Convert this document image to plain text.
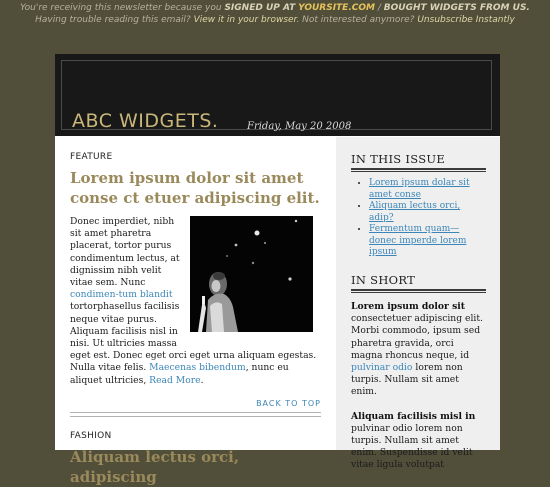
You're receiving this newsletter because you SIGNED UP AT YOURSITE.COM / BOUGHT WIDGETS FROM US.
Having trouble reading this email? View it in your browser. Not interested anymore? Unsubscribe Instantly
ABC WIDGETS.	Friday, May 20 2008
FEATURE
Lorem ipsum dolor sit amet conse ct etuer adipiscing elit.
Donec imperdiet, nibh sit amet pharetra placerat, tortor purus condimentum lectus, at dignissim nibh velit vitae sem. Nunc condimen-tum blandit tortorphasellus facilisis neque vitae purus. Aliquam facilisis nisl in nisi. Ut ultricies massa
eget est. Donec eget orci eget urna aliquam egestas. Nulla vitae felis. Maecenas bibendum, nunc eu aliquet ultricies, Read More.
BACK TO TOP
FASHION
Aliquam lectus orci, adipiscing
IN THIS ISSUE
• Lorem ipsum dolar sit amet conse
• Aliquam lectus orci, adip?
• Fermentum quam—donec imperde lorem ipsum
IN SHORT
Lorem ipsum dolor sit consectetuer adipiscing elit. Morbi commodo, ipsum sed pharetra gravida, orci magna rhoncus neque, id pulvinar odio lorem non turpis. Nullam sit amet enim.
Aliquam facilisis misl in pulvinar odio lorem non turpis. Nullam sit amet enim. Suspendisse id velit vitae ligula volutpat
